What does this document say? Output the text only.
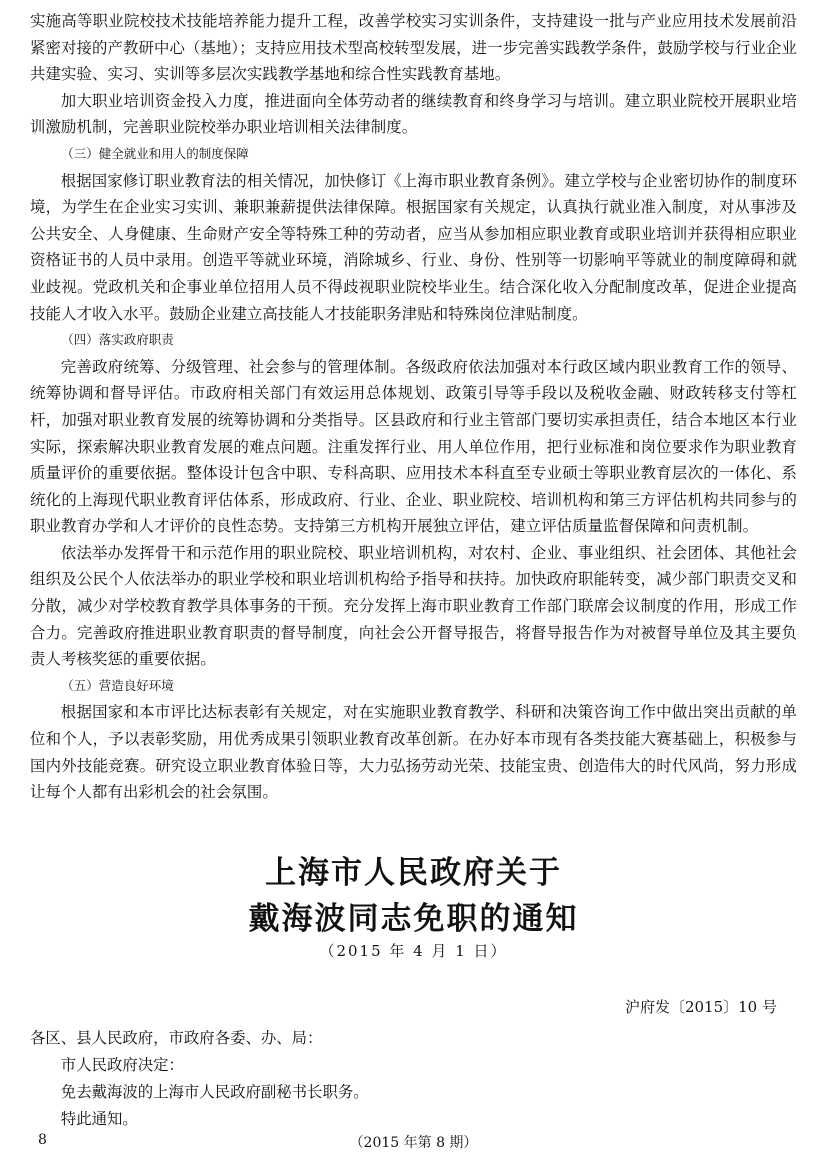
实施高等职业院校技术技能培养能力提升工程，改善学校实习实训条件，支持建设一批与产业应用技术发展前沿紧密对接的产教研中心（基地）；支持应用技术型高校转型发展，进一步完善实践教学条件，鼓励学校与行业企业共建实验、实习、实训等多层次实践教学基地和综合性实践教育基地。

加大职业培训资金投入力度，推进面向全体劳动者的继续教育和终身学习与培训。建立职业院校开展职业培训激励机制，完善职业院校举办职业培训相关法律制度。

（三）健全就业和用人的制度保障

根据国家修订职业教育法的相关情况，加快修订《上海市职业教育条例》。建立学校与企业密切协作的制度环境，为学生在企业实习实训、兼职兼薪提供法律保障。根据国家有关规定，认真执行就业准入制度，对从事涉及公共安全、人身健康、生命财产安全等特殊工种的劳动者，应当从参加相应职业教育或职业培训并获得相应职业资格证书的人员中录用。创造平等就业环境，消除城乡、行业、身份、性别等一切影响平等就业的制度障碍和就业歧视。党政机关和企事业单位招用人员不得歧视职业院校毕业生。结合深化收入分配制度改革，促进企业提高技能人才收入水平。鼓励企业建立高技能人才技能职务津贴和特殊岗位津贴制度。

（四）落实政府职责

完善政府统筹、分级管理、社会参与的管理体制。各级政府依法加强对本行政区域内职业教育工作的领导、统筹协调和督导评估。市政府相关部门有效运用总体规划、政策引导等手段以及税收金融、财政转移支付等杠杆，加强对职业教育发展的统筹协调和分类指导。区县政府和行业主管部门要切实承担责任，结合本地区本行业实际，探索解决职业教育发展的难点问题。注重发挥行业、用人单位作用，把行业标准和岗位要求作为职业教育质量评价的重要依据。整体设计包含中职、专科高职、应用技术本科直至专业硕士等职业教育层次的一体化、系统化的上海现代职业教育评估体系，形成政府、行业、企业、职业院校、培训机构和第三方评估机构共同参与的职业教育办学和人才评价的良性态势。支持第三方机构开展独立评估，建立评估质量监督保障和问责机制。

依法举办发挥骨干和示范作用的职业院校、职业培训机构，对农村、企业、事业组织、社会团体、其他社会组织及公民个人依法举办的职业学校和职业培训机构给予指导和扶持。加快政府职能转变，减少部门职责交叉和分散，减少对学校教育教学具体事务的干预。充分发挥上海市职业教育工作部门联席会议制度的作用，形成工作合力。完善政府推进职业教育职责的督导制度，向社会公开督导报告，将督导报告作为对被督导单位及其主要负责人考核奖惩的重要依据。

（五）营造良好环境

根据国家和本市评比达标表彰有关规定，对在实施职业教育教学、科研和决策咨询工作中做出突出贡献的单位和个人，予以表彰奖励，用优秀成果引领职业教育改革创新。在办好本市现有各类技能大赛基础上，积极参与国内外技能竞赛。研究设立职业教育体验日等，大力弘扬劳动光荣、技能宝贵、创造伟大的时代风尚，努力形成让每个人都有出彩机会的社会氛围。

上海市人民政府关于
戴海波同志免职的通知
（2015 年 4 月 1 日）
沪府发〔2015〕10 号

各区、县人民政府，市政府各委、办、局：

市人民政府决定：

免去戴海波的上海市人民政府副秘书长职务。

特此通知。

8	（2015 年第 8 期）
